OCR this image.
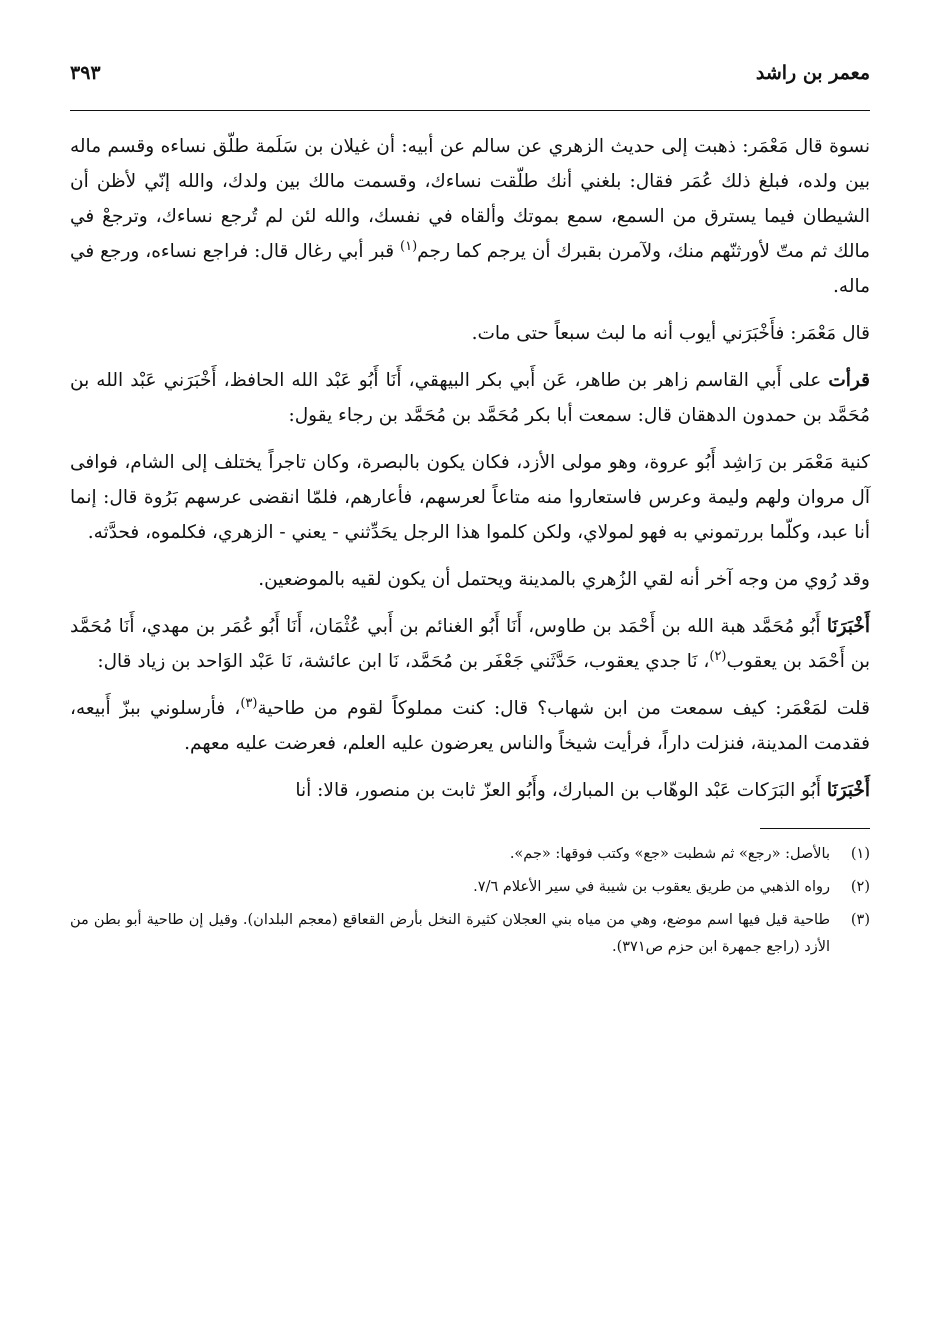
معمر بن راشد
٣٩٣

نسوة قال مَعْمَر: ذهبت إلى حديث الزهري عن سالم عن أبيه: أن غيلان بن سَلَمة طلّق نساءه وقسم ماله بين ولده، فبلغ ذلك عُمَر فقال: بلغني أنك طلّقت نساءك، وقسمت مالك بين ولدك، والله إنّي لأظن أن الشيطان فيما يسترق من السمع، سمع بموتك وألقاه في نفسك، والله لئن لم تُرجع نساءك، وترجعْ في مالك ثم متّ لأورثنّهم منك، ولآمرن بقبرك أن يرجم كما رجم$^{(١)}$ قبر أبي رغال قال: فراجع نساءه، ورجع في ماله.

قال مَعْمَر: فأَخْبَرَني أيوب أنه ما لبث سبعاً حتى مات.

قرأت على أَبي القاسم زاهر بن طاهر، عَن أَبي بكر البيهقي، أَنَا أَبُو عَبْد الله الحافظ، أَخْبَرَني عَبْد الله بن مُحَمَّد بن حمدون الدهقان قال: سمعت أبا بكر مُحَمَّد بن مُحَمَّد بن رجاء يقول:

كنية مَعْمَر بن رَاشِد أَبُو عروة، وهو مولى الأزد، فكان يكون بالبصرة، وكان تاجراً يختلف إلى الشام، فوافى آل مروان ولهم وليمة وعرس فاستعاروا منه متاعاً لعرسهم، فأعارهم، فلمّا انقضى عرسهم بَرُوة قال: إنما أنا عبد، وكلّما بررتموني به فهو لمولاي، ولكن كلموا هذا الرجل يحَدِّثني - يعني - الزهري، فكلموه، فحدَّثه.

وقد رُوي من وجه آخر أنه لقي الزُهري بالمدينة ويحتمل أن يكون لقيه بالموضعين.

أَخْبَرَنَا أَبُو مُحَمَّد هبة الله بن أَحْمَد بن طاوس، أَنَا أَبُو الغنائم بن أَبي عُثْمَان، أَنَا أَبُو عُمَر بن مهدي، أَنَا مُحَمَّد بن أَحْمَد بن يعقوب$^{(٢)}$، نَا جدي يعقوب، حَدَّثَني جَعْفَر بن مُحَمَّد، نَا ابن عائشة، نَا عَبْد الوَاحد بن زياد قال:

قلت لمَعْمَر: كيف سمعت من ابن شهاب؟ قال: كنت مملوكاً لقوم من طاحية$^{(٣)}$، فأرسلوني ببزّ أَبيعه، فقدمت المدينة، فنزلت داراً، فرأيت شيخاً والناس يعرضون عليه العلم، فعرضت عليه معهم.

أَخْبَرَنَا أَبُو البَرَكات عَبْد الوهّاب بن المبارك، وأَبُو العزّ ثابت بن منصور، قالا: أنا

(١)
بالأصل: «رجع» ثم شطبت «جع» وكتب فوقها: «جم».
(٢)
رواه الذهبي من طريق يعقوب بن شيبة في سير الأعلام ٧/٦.
(٣)
طاحية قيل فيها اسم موضع، وهي من مياه بني العجلان كثيرة النخل بأرض القعاقع (معجم البلدان). وقيل إن طاحية أبو بطن من الأزد (راجع جمهرة ابن حزم ص٣٧١).
